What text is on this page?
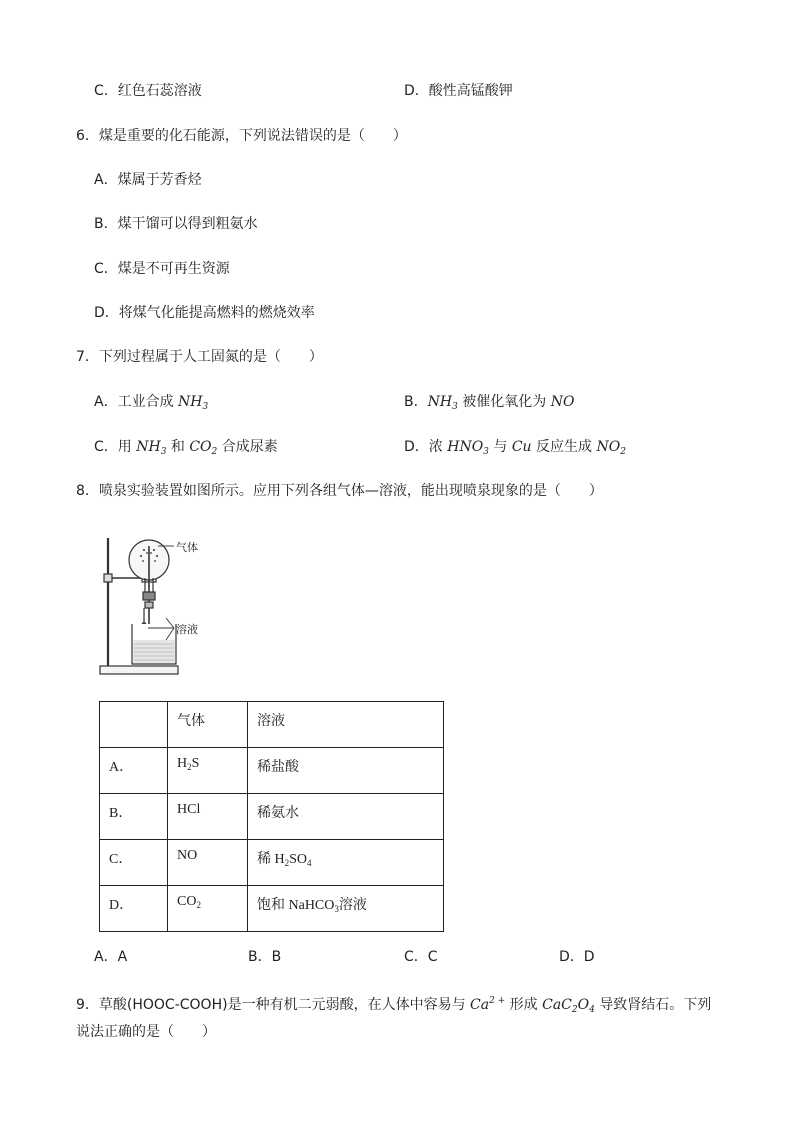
C．红色石蕊溶液	D．酸性高锰酸钾
6．煤是重要的化石能源，下列说法错误的是（　　）
A．煤属于芳香烃
B．煤干馏可以得到粗氨水
C．煤是不可再生资源
D．将煤气化能提高燃料的燃烧效率
7．下列过程属于人工固氮的是（　　）
A．工业合成 $NH_3$	B．$NH_3$ 被催化氧化为 NO
C．用 $NH_3$ 和 $CO_2$ 合成尿素	D．浓 $HNO_3$ 与 Cu 反应生成 $NO_2$
8．喷泉实验装置如图所示。应用下列各组气体—溶液，能出现喷泉现象的是（　　）
气体
溶液
	气体	溶液
A．	$H_2S$	稀盐酸
B．	HCl	稀氨水
C．	NO	稀 $H_2SO_4$
D．	$CO_2$	饱和 NaHCO$_3$溶液
A．A	B．B	C．C	D．D
9．草酸(HOOC-COOH)是一种有机二元弱酸，在人体中容易与 $Ca^{2 +}$ 形成 $CaC_2O_4$ 导致肾结石。下列
说法正确的是（　　）
